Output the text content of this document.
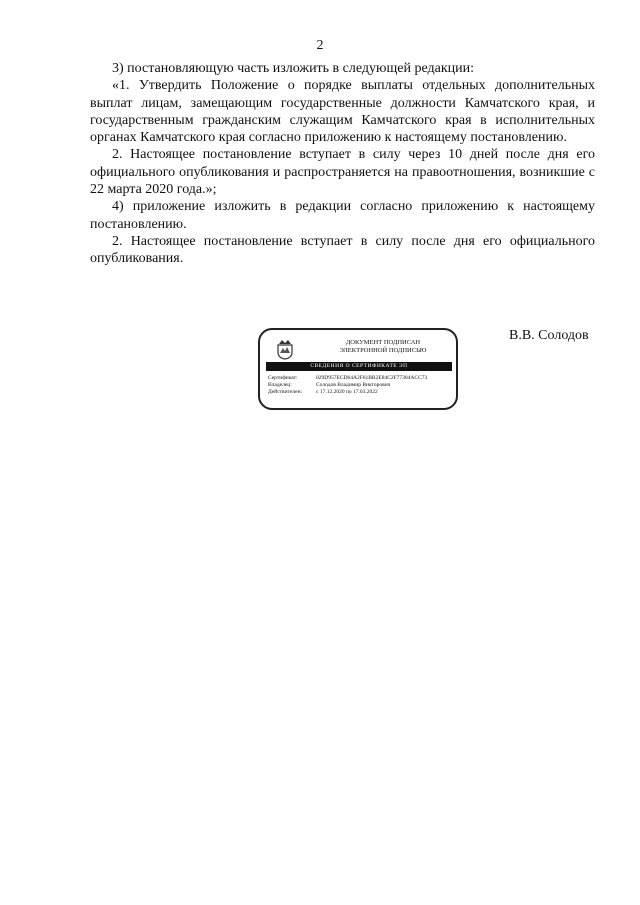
2

3) постановляющую часть изложить в следующей редакции:

«1. Утвердить Положение о порядке выплаты отдельных дополнительных выплат лицам, замещающим государственные должности Камчатского края, и государственным гражданским служащим Камчатского края в исполнительных органах Камчатского края согласно приложению к настоящему постановлению.

2. Настоящее постановление вступает в силу через 10 дней после дня его официального опубликования и распространяется на правоотношения, возникшие с 22 марта 2020 года.»;

4) приложение изложить в редакции согласно приложению к настоящему постановлению.

2. Настоящее постановление вступает в силу после дня его официального опубликования.

ДОКУМЕНТ ПОДПИСАН
ЭЛЕКТРОННОЙ ПОДПИСЬЮ
СВЕДЕНИЯ О СЕРТИФИКАТЕ ЭП
Сертификат:	029D957ECD64A2F61BB2E84C2F77304ACC73
Владелец:	Солодов Владимир Викторович
Действителен:	с 17.12.2020 по 17.03.2022
В.В. Солодов
